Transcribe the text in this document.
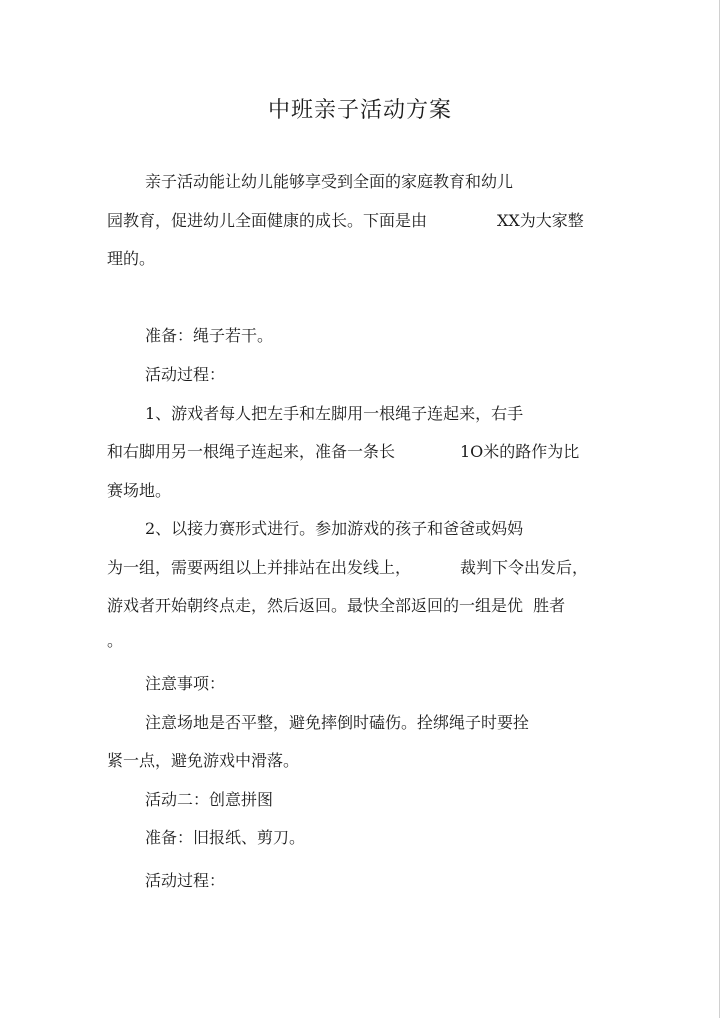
中班亲子活动方案
亲子活动能让幼儿能够享受到全面的家庭教育和幼儿
园教育，促进幼儿全面健康的成长。下面是由	XX为大家整
理的。
准备：绳子若干。
活动过程：
1、游戏者每人把左手和左脚用一根绳子连起来，右手
和右脚用另一根绳子连起来，准备一条长	1O米的路作为比
赛场地。
2、以接力赛形式进行。参加游戏的孩子和爸爸或妈妈
为一组，需要两组以上并排站在出发线上，	裁判下令出发后，
游戏者开始朝终点走，然后返回。最快全部返回的一组是优  胜者
。
注意事项：
注意场地是否平整，避免摔倒时磕伤。拴绑绳子时要拴
紧一点，避免游戏中滑落。
活动二：创意拼图
准备：旧报纸、剪刀。
活动过程：
